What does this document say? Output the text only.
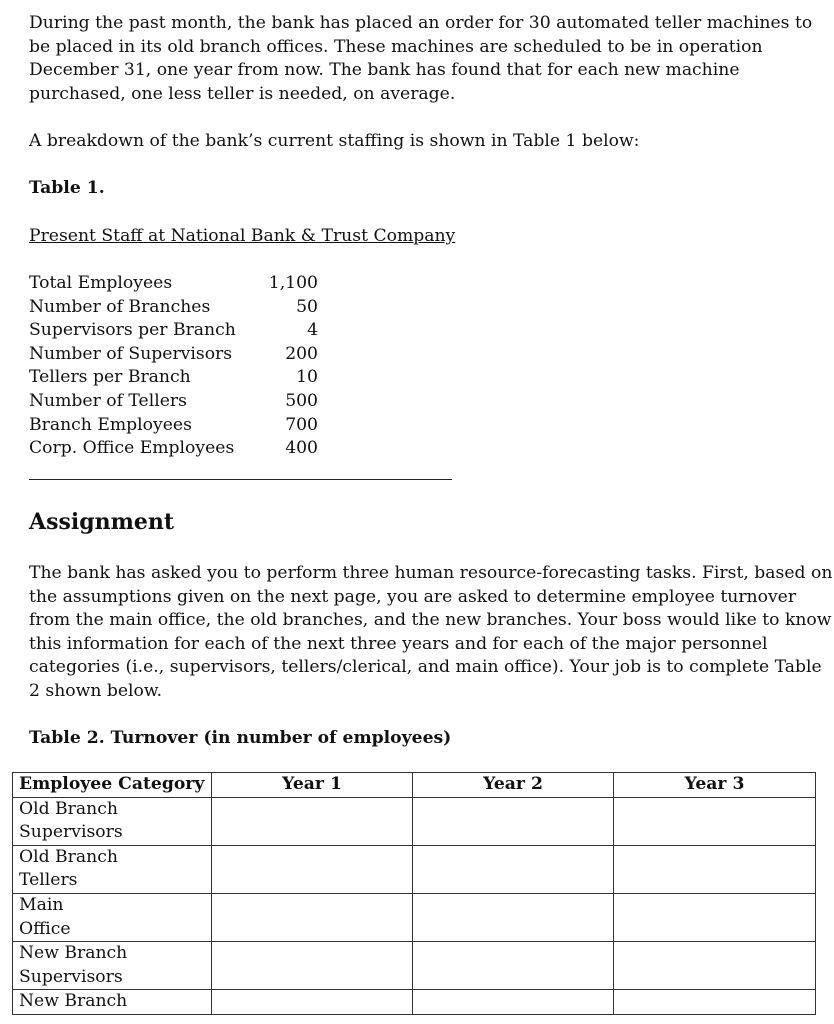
During the past month, the bank has placed an order for 30 automated teller machines to
be placed in its old branch offices. These machines are scheduled to be in operation
December 31, one year from now. The bank has found that for each new machine
purchased, one less teller is needed, on average.

A breakdown of the bank’s current staffing is shown in Table 1 below:

Table 1.

Present Staff at National Bank & Trust Company
Total Employees	1,100
Number of Branches	50
Supervisors per Branch	4
Number of Supervisors	200
Tellers per Branch	10
Number of Tellers	500
Branch Employees	700
Corp. Office Employees	400
Assignment

The bank has asked you to perform three human resource-forecasting tasks. First, based on
the assumptions given on the next page, you are asked to determine employee turnover
from the main office, the old branches, and the new branches. Your boss would like to know
this information for each of the next three years and for each of the major personnel
categories (i.e., supervisors, tellers/clerical, and main office). Your job is to complete Table
2 shown below.

Table 2. Turnover (in number of employees)
Employee Category	Year 1	Year 2	Year 3

Old Branch
Supervisors			

Old Branch
Tellers			

Main
Office			

New Branch
Supervisors			

New Branch			
